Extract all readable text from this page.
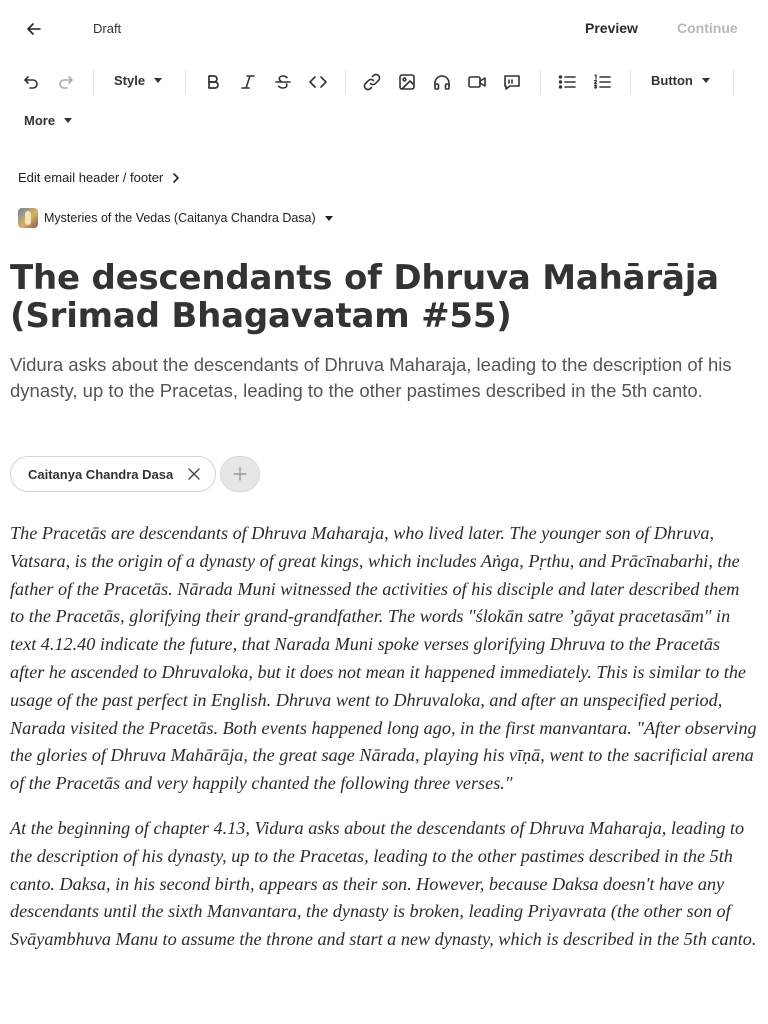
Draft	Preview	Continue
Style	Button
More
Edit email header / footer
Mysteries of the Vedas (Caitanya Chandra Dasa)
The descendants of Dhruva Mahārāja (Srimad Bhagavatam #55)
Vidura asks about the descendants of Dhruva Maharaja, leading to the description of his dynasty, up to the Pracetas, leading to the other pastimes described in the 5th canto.
Caitanya Chandra Dasa

The Pracetās are descendants of Dhruva Maharaja, who lived later. The younger son of Dhruva, Vatsara, is the origin of a dynasty of great kings, which includes Aṅga, Pṛthu, and Prācīnabarhi, the father of the Pracetās. Nārada Muni witnessed the activities of his disciple and later described them to the Pracetās, glorifying their grand-grandfather. The words "ślokān satre ’gāyat pracetasām" in text 4.12.40 indicate the future, that Narada Muni spoke verses glorifying Dhruva to the Pracetās after he ascended to Dhruvaloka, but it does not mean it happened immediately. This is similar to the usage of the past perfect in English. Dhruva went to Dhruvaloka, and after an unspecified period, Narada visited the Pracetās. Both events happened long ago, in the first manvantara. "After observing the glories of Dhruva Mahārāja, the great sage Nārada, playing his vīṇā, went to the sacrificial arena of the Pracetās and very happily chanted the following three verses."

At the beginning of chapter 4.13, Vidura asks about the descendants of Dhruva Maharaja, leading to the description of his dynasty, up to the Pracetas, leading to the other pastimes described in the 5th canto. Daksa, in his second birth, appears as their son. However, because Daksa doesn't have any descendants until the sixth Manvantara, the dynasty is broken, leading Priyavrata (the other son of Svāyambhuva Manu to assume the throne and start a new dynasty, which is described in the 5th canto.
